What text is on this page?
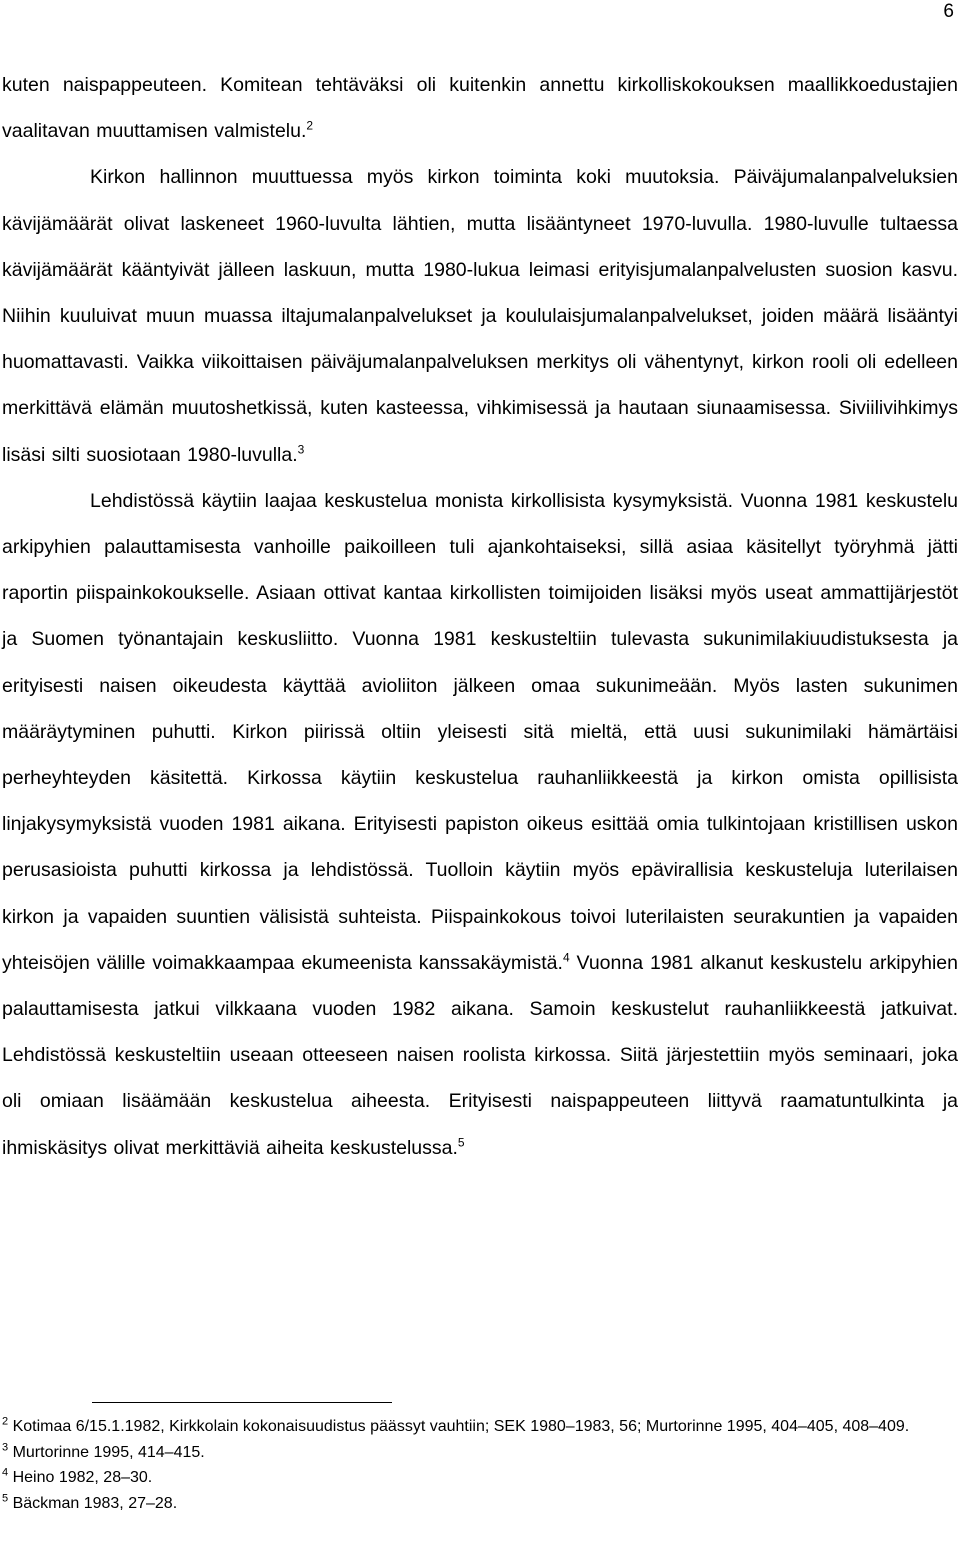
6

kuten naispappeuteen. Komitean tehtäväksi oli kuitenkin annettu kirkolliskokouksen maallikkoedustajien vaalitavan muuttamisen valmistelu.$^2$

Kirkon hallinnon muuttuessa myös kirkon toiminta koki muutoksia. Päiväjumalanpalveluksien kävijämäärät olivat laskeneet 1960-luvulta lähtien, mutta lisääntyneet 1970-luvulla. 1980-luvulle tultaessa kävijämäärät kääntyivät jälleen laskuun, mutta 1980-lukua leimasi erityisjumalanpalvelusten suosion kasvu. Niihin kuuluivat muun muassa iltajumalanpalvelukset ja koululaisjumalanpalvelukset, joiden määrä lisääntyi huomattavasti. Vaikka viikoittaisen päiväjumalanpalveluksen merkitys oli vähentynyt, kirkon rooli oli edelleen merkittävä elämän muutoshetkissä, kuten kasteessa, vihkimisessä ja hautaan siunaamisessa. Siviilivihkimys lisäsi silti suosiotaan 1980-luvulla.$^3$

Lehdistössä käytiin laajaa keskustelua monista kirkollisista kysymyksistä. Vuonna 1981 keskustelu arkipyhien palauttamisesta vanhoille paikoilleen tuli ajankohtaiseksi, sillä asiaa käsitellyt työryhmä jätti raportin piispainkokoukselle. Asiaan ottivat kantaa kirkollisten toimijoiden lisäksi myös useat ammattijärjestöt ja Suomen työnantajain keskusliitto. Vuonna 1981 keskusteltiin tulevasta sukunimilakiuudistuksesta ja erityisesti naisen oikeudesta käyttää avioliiton jälkeen omaa sukunimeään. Myös lasten sukunimen määräytyminen puhutti. Kirkon piirissä oltiin yleisesti sitä mieltä, että uusi sukunimilaki hämärtäisi perheyhteyden käsitettä. Kirkossa käytiin keskustelua rauhanliikkeestä ja kirkon omista opillisista linjakysymyksistä vuoden 1981 aikana. Erityisesti papiston oikeus esittää omia tulkintojaan kristillisen uskon perusasioista puhutti kirkossa ja lehdistössä. Tuolloin käytiin myös epävirallisia keskusteluja luterilaisen kirkon ja vapaiden suuntien välisistä suhteista. Piispainkokous toivoi luterilaisten seurakuntien ja vapaiden yhteisöjen välille voimakkaampaa ekumeenista kanssakäymistä.$^4$ Vuonna 1981 alkanut keskustelu arkipyhien palauttamisesta jatkui vilkkaana vuoden 1982 aikana. Samoin keskustelut rauhanliikkeestä jatkuivat. Lehdistössä keskusteltiin useaan otteeseen naisen roolista kirkossa. Siitä järjestettiin myös seminaari, joka oli omiaan lisäämään keskustelua aiheesta. Erityisesti naispappeuteen liittyvä raamatuntulkinta ja ihmiskäsitys olivat merkittäviä aiheita keskustelussa.$^5$

$^2$ Kotimaa 6/15.1.1982, Kirkkolain kokonaisuudistus päässyt vauhtiin; SEK 1980–1983, 56; Murtorinne 1995, 404–405, 408–409.

$^3$ Murtorinne 1995, 414–415.

$^4$ Heino 1982, 28–30.

$^5$ Bäckman 1983, 27–28.
